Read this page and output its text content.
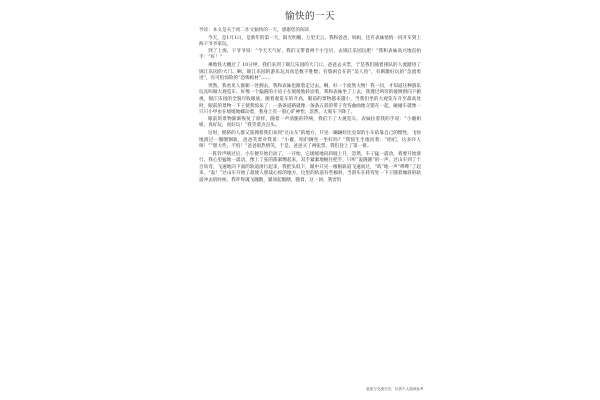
愉快的一天

导读：本文是关于初二作文愉快的一天，感谢您的阅读．

今天，是1月1日，是新年的第一天，阳光明媚，万里无云，我和爸爸，妈妈，还有表妹悄悄一同开车到上海干爷爷家玩。

到了上海，干爷爷说：“今天天气好，我们又带着两个小宝贝，去锦江乐园玩吧！”我和表妹高兴地直拍手：“好！”

乘地铁大概过了 10分钟，我们来到了锦江乐园的大门口，爸爸去买票，于是我们随着排队的人流踏进了锦江乐园的大门。啊，锦江乐园的游乐玩具真是数不胜数；有悠闲自在的“美人鱼”，有刺激好玩的“急流勇进”，有可怕惊险的“恐怖棺材”……

突然，我看见人群朝一处拥去，我和表妹也跟着走过去。啊，好一个庞然大物！我一问，才知道这种游乐玩具叫做大观览车。好像一个偏圆的小房子在缓缓地转动着，我和表妹坐了上去，我透过两旁的玻璃窗向下俯视，锦江乐园的全貌尽收眼底，随着观览车的升高，眼前的景物越来越小，当我们坐的大观览车升至最高处时，眼前的景物一下子使我惊呆了：一条条道路就像一条条五彩的带子弯弯曲曲地交错在一起，碰碰车就像一只只小甲虫在缓缓地蠕动着，我身上有一股心旷神怡，忽然，大观车下降了。

眼前的景物渐渐恢复了原样，随着一声清脆的铃响，我们下了大观览车。表妹拉着我的手说：“小璇姐姐，真好玩，真好玩！”我笑着点点头。

这时，拥挤的人群又簇拥着我们来到“过山车”的地方，只见一辆辆好比克似的小车依靠自己的惯性，飞快地滑过一圈圈钢轨，爸爸笑着对我说：“小璇，咱们俩坐一坐好吗？”我惊生生地问我：“咱们，这多吓人呀！”“胆大些，不怕！”爸爸很热情笑，于是，爸爸买了两张票，我们登上了第一排。

一阵铃声响过后，小车便开始启动了，一开始，它缓缓地向斜坡上升，忽然，车子猛一震动，将要开始滑行，我心里猛地一震动，像上了弦的箭紧绷起来，双手紧紧地握住把手，只听“轰隆隆”的一声，过山车到了十百角弯，飞速地向下面的轨道滑行起来，我把头低下，眼中只见一根根轨道飞速而过，“呜”地一声“哗哗”了起来，“轰！”过山车开始了最使人胆战心惊的地方，这里的轨道有些倾斜，当滑车在转弯处一下子随着倾斜的轨道冲去的时候，我吓得魂飞魄散，紧闭起眼睛，随着，这一回，我害怕

欢迎与交流分享，仅供个人阅读参考
